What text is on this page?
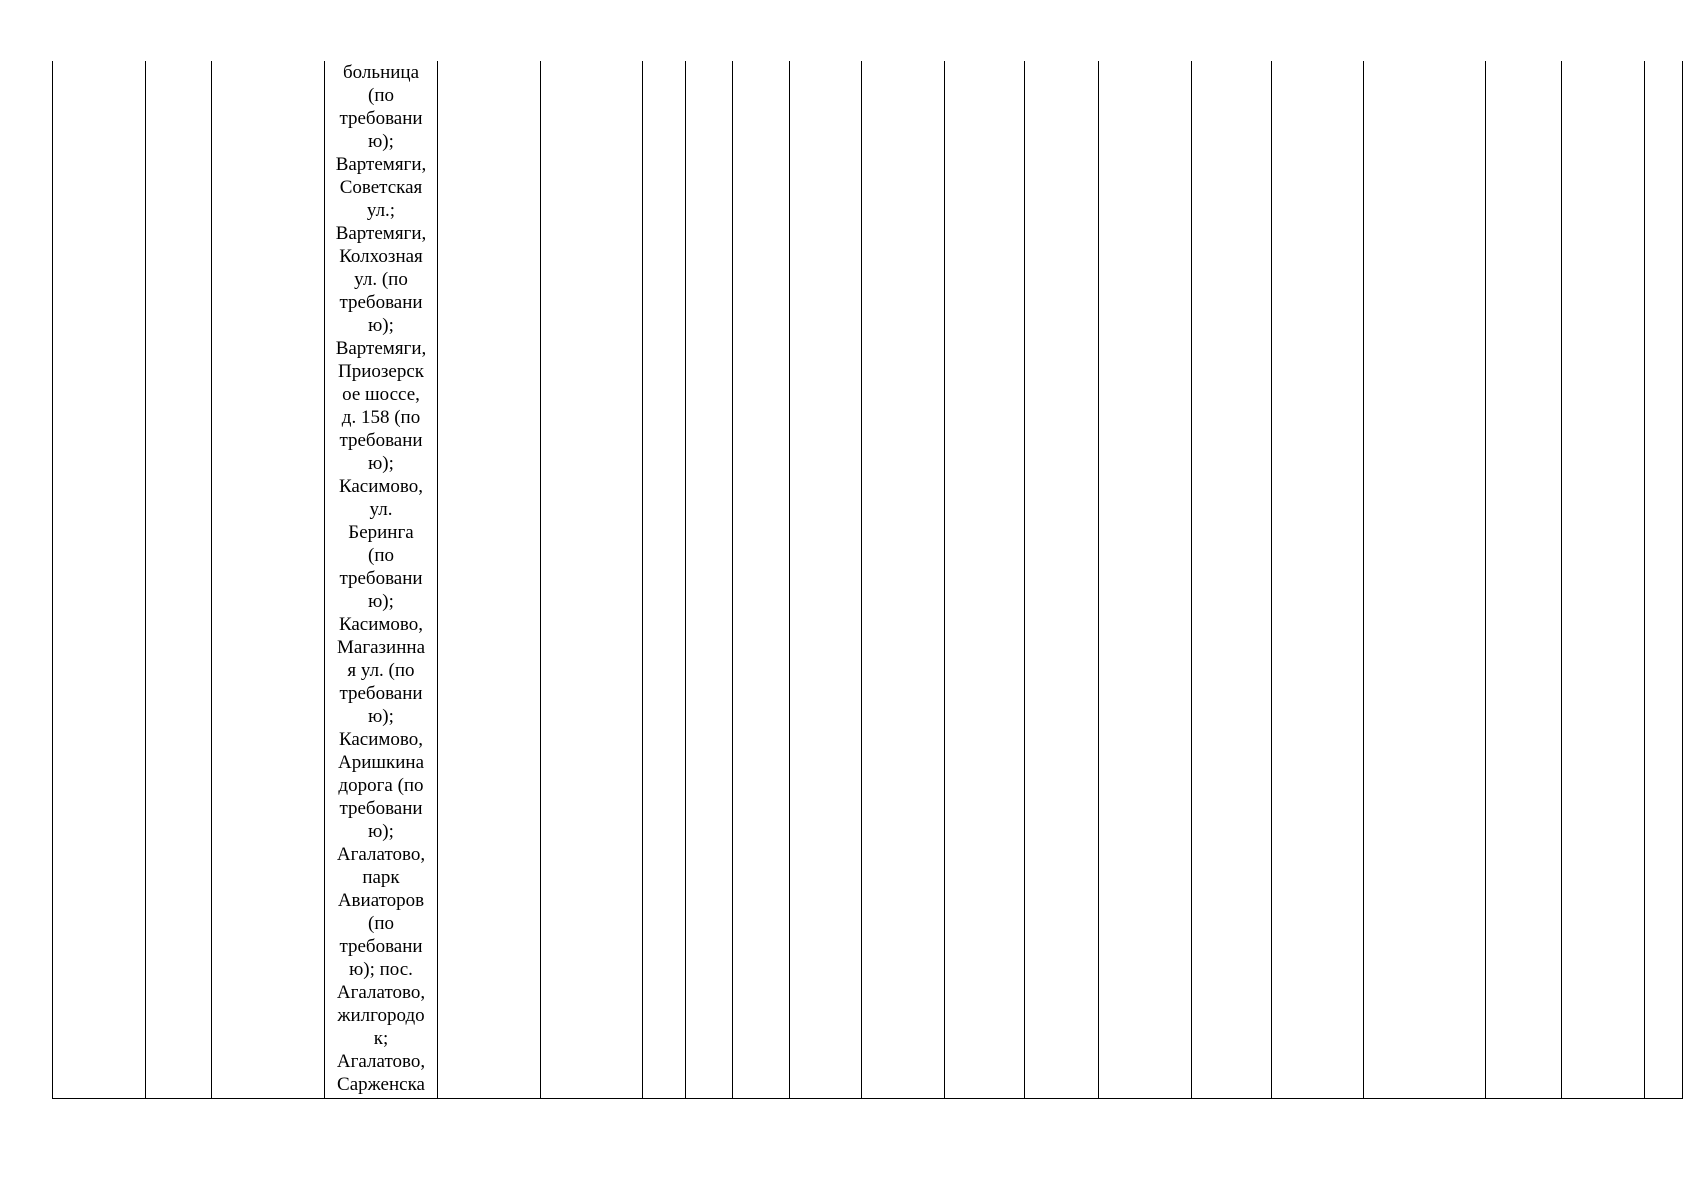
больница
(по
требовани
ю);
Вартемяги,
Советская
ул.;
Вартемяги,
Колхозная
ул. (по
требовани
ю);
Вартемяги,
Приозерск
ое шоссе,
д. 158 (по
требовани
ю);
Касимово,
ул.
Беринга
(по
требовани
ю);
Касимово,
Магазинна
я ул. (по
требовани
ю);
Касимово,
Аришкина
дорога (по
требовани
ю);
Агалатово,
парк
Авиаторов
(по
требовани
ю); пос.
Агалатово,
жилгородо
к;
Агалатово,
Сарженска
